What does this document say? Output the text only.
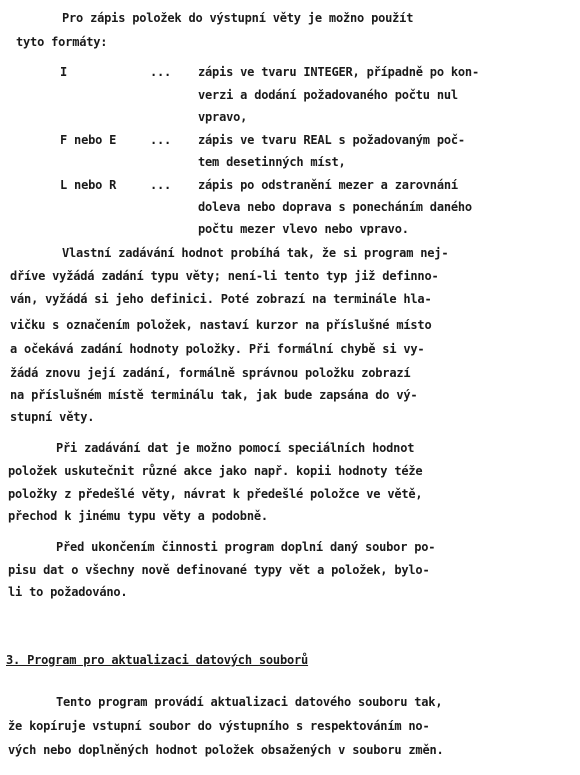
Pro zápis položek do výstupní věty je možno použít
tyto formáty:
I	... zápis ve tvaru INTEGER, případně po kon-
verzi a dodání požadovaného počtu nul
vpravo,
F nebo E	... zápis ve tvaru REAL s požadovaným poč-
tem desetinných míst,
L nebo R	... zápis po odstranění mezer a zarovnání
doleva nebo doprava s ponecháním daného
počtu mezer vlevo nebo vpravo.
Vlastní zadávání hodnot probíhá tak, že si program nej-
dříve vyžádá zadání typu věty; není-li tento typ již definno-
ván, vyžádá si jeho definici. Poté zobrazí na terminále hla-
vičku s označením položek, nastaví kurzor na příslušné místo
a očekává zadání hodnoty položky. Při formální chybě si vy-
žádá znovu její zadání, formálně správnou položku zobrazí
na příslušném místě terminálu tak, jak bude zapsána do vý-
stupní věty.
Při zadávání dat je možno pomocí speciálních hodnot
položek uskutečnit různé akce jako např. kopii hodnoty téže
položky z předešlé věty, návrat k předešlé položce ve větě,
přechod k jinému typu věty a podobně.
Před ukončením činnosti program doplní daný soubor po-
pisu dat o všechny nově definované typy vět a položek, bylo-
li to požadováno.
3. Program pro aktualizaci datových souborů
Tento program provádí aktualizaci datového souboru tak,
že kopíruje vstupní soubor do výstupního s respektováním no-
vých nebo doplněných hodnot položek obsažených v souboru změn.
